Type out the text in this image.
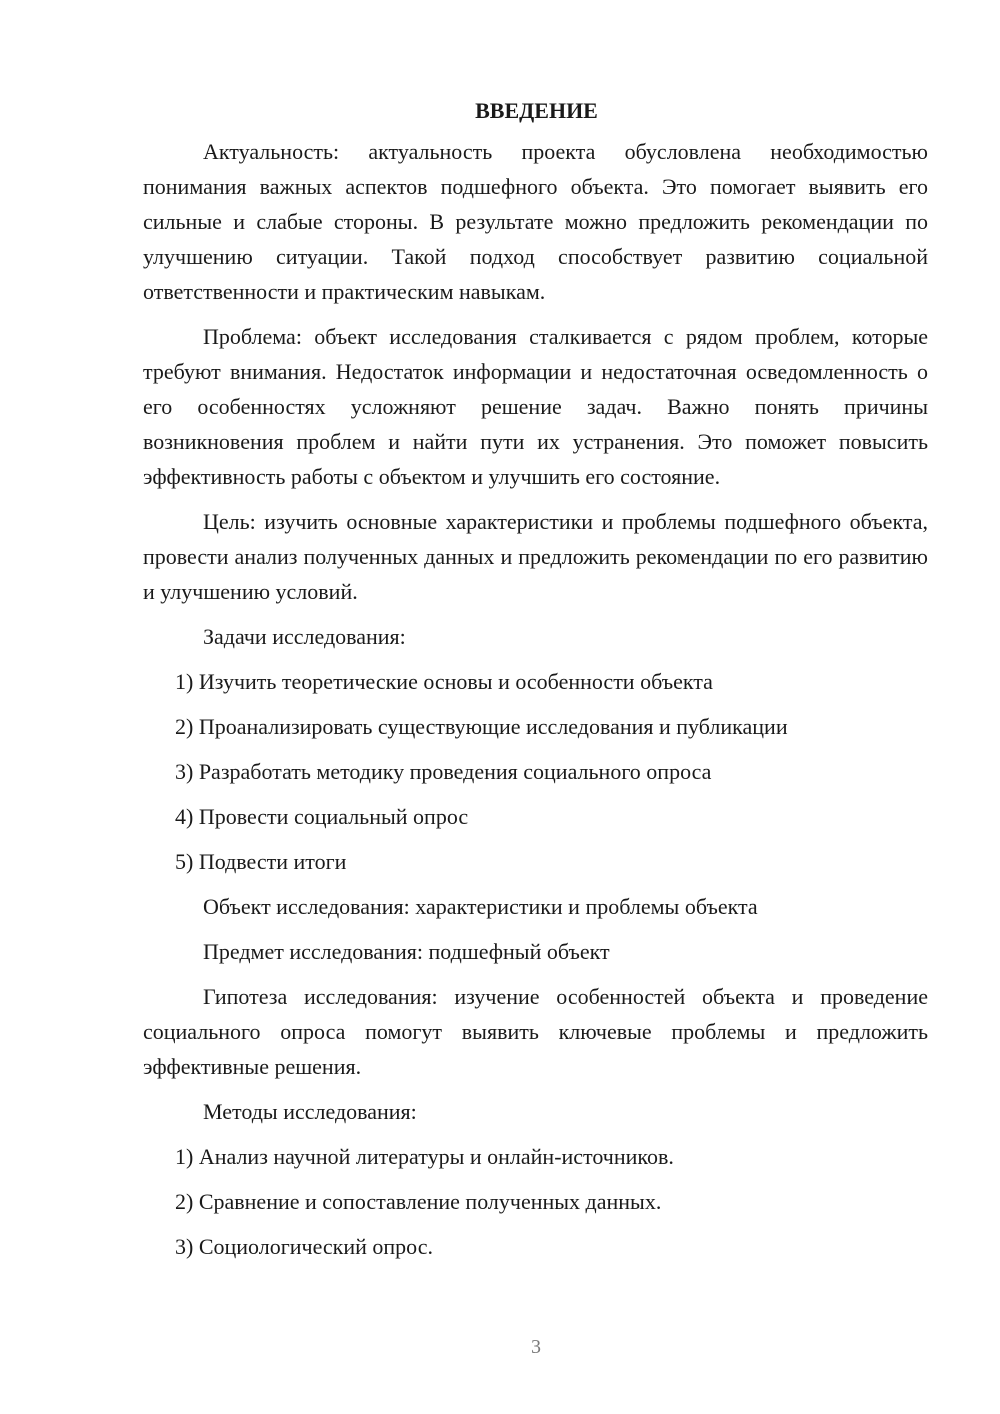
ВВЕДЕНИЕ

Актуальность: актуальность проекта обусловлена необходимостью понимания важных аспектов подшефного объекта. Это помогает выявить его сильные и слабые стороны. В результате можно предложить рекомендации по улучшению ситуации. Такой подход способствует развитию социальной ответственности и практическим навыкам.

Проблема: объект исследования сталкивается с рядом проблем, которые требуют внимания. Недостаток информации и недостаточная осведомленность о его особенностях усложняют решение задач. Важно понять причины возникновения проблем и найти пути их устранения. Это поможет повысить эффективность работы с объектом и улучшить его состояние.

Цель: изучить основные характеристики и проблемы подшефного объекта, провести анализ полученных данных и предложить рекомендации по его развитию и улучшению условий.

Задачи исследования:

1) Изучить теоретические основы и особенности объекта

2) Проанализировать существующие исследования и публикации

3) Разработать методику проведения социального опроса

4) Провести социальный опрос

5) Подвести итоги

Объект исследования: характеристики и проблемы объекта

Предмет исследования: подшефный объект

Гипотеза исследования: изучение особенностей объекта и проведение социального опроса помогут выявить ключевые проблемы и предложить эффективные решения.

Методы исследования:

1) Анализ научной литературы и онлайн-источников.

2) Сравнение и сопоставление полученных данных.

3) Социологический опрос.

3
